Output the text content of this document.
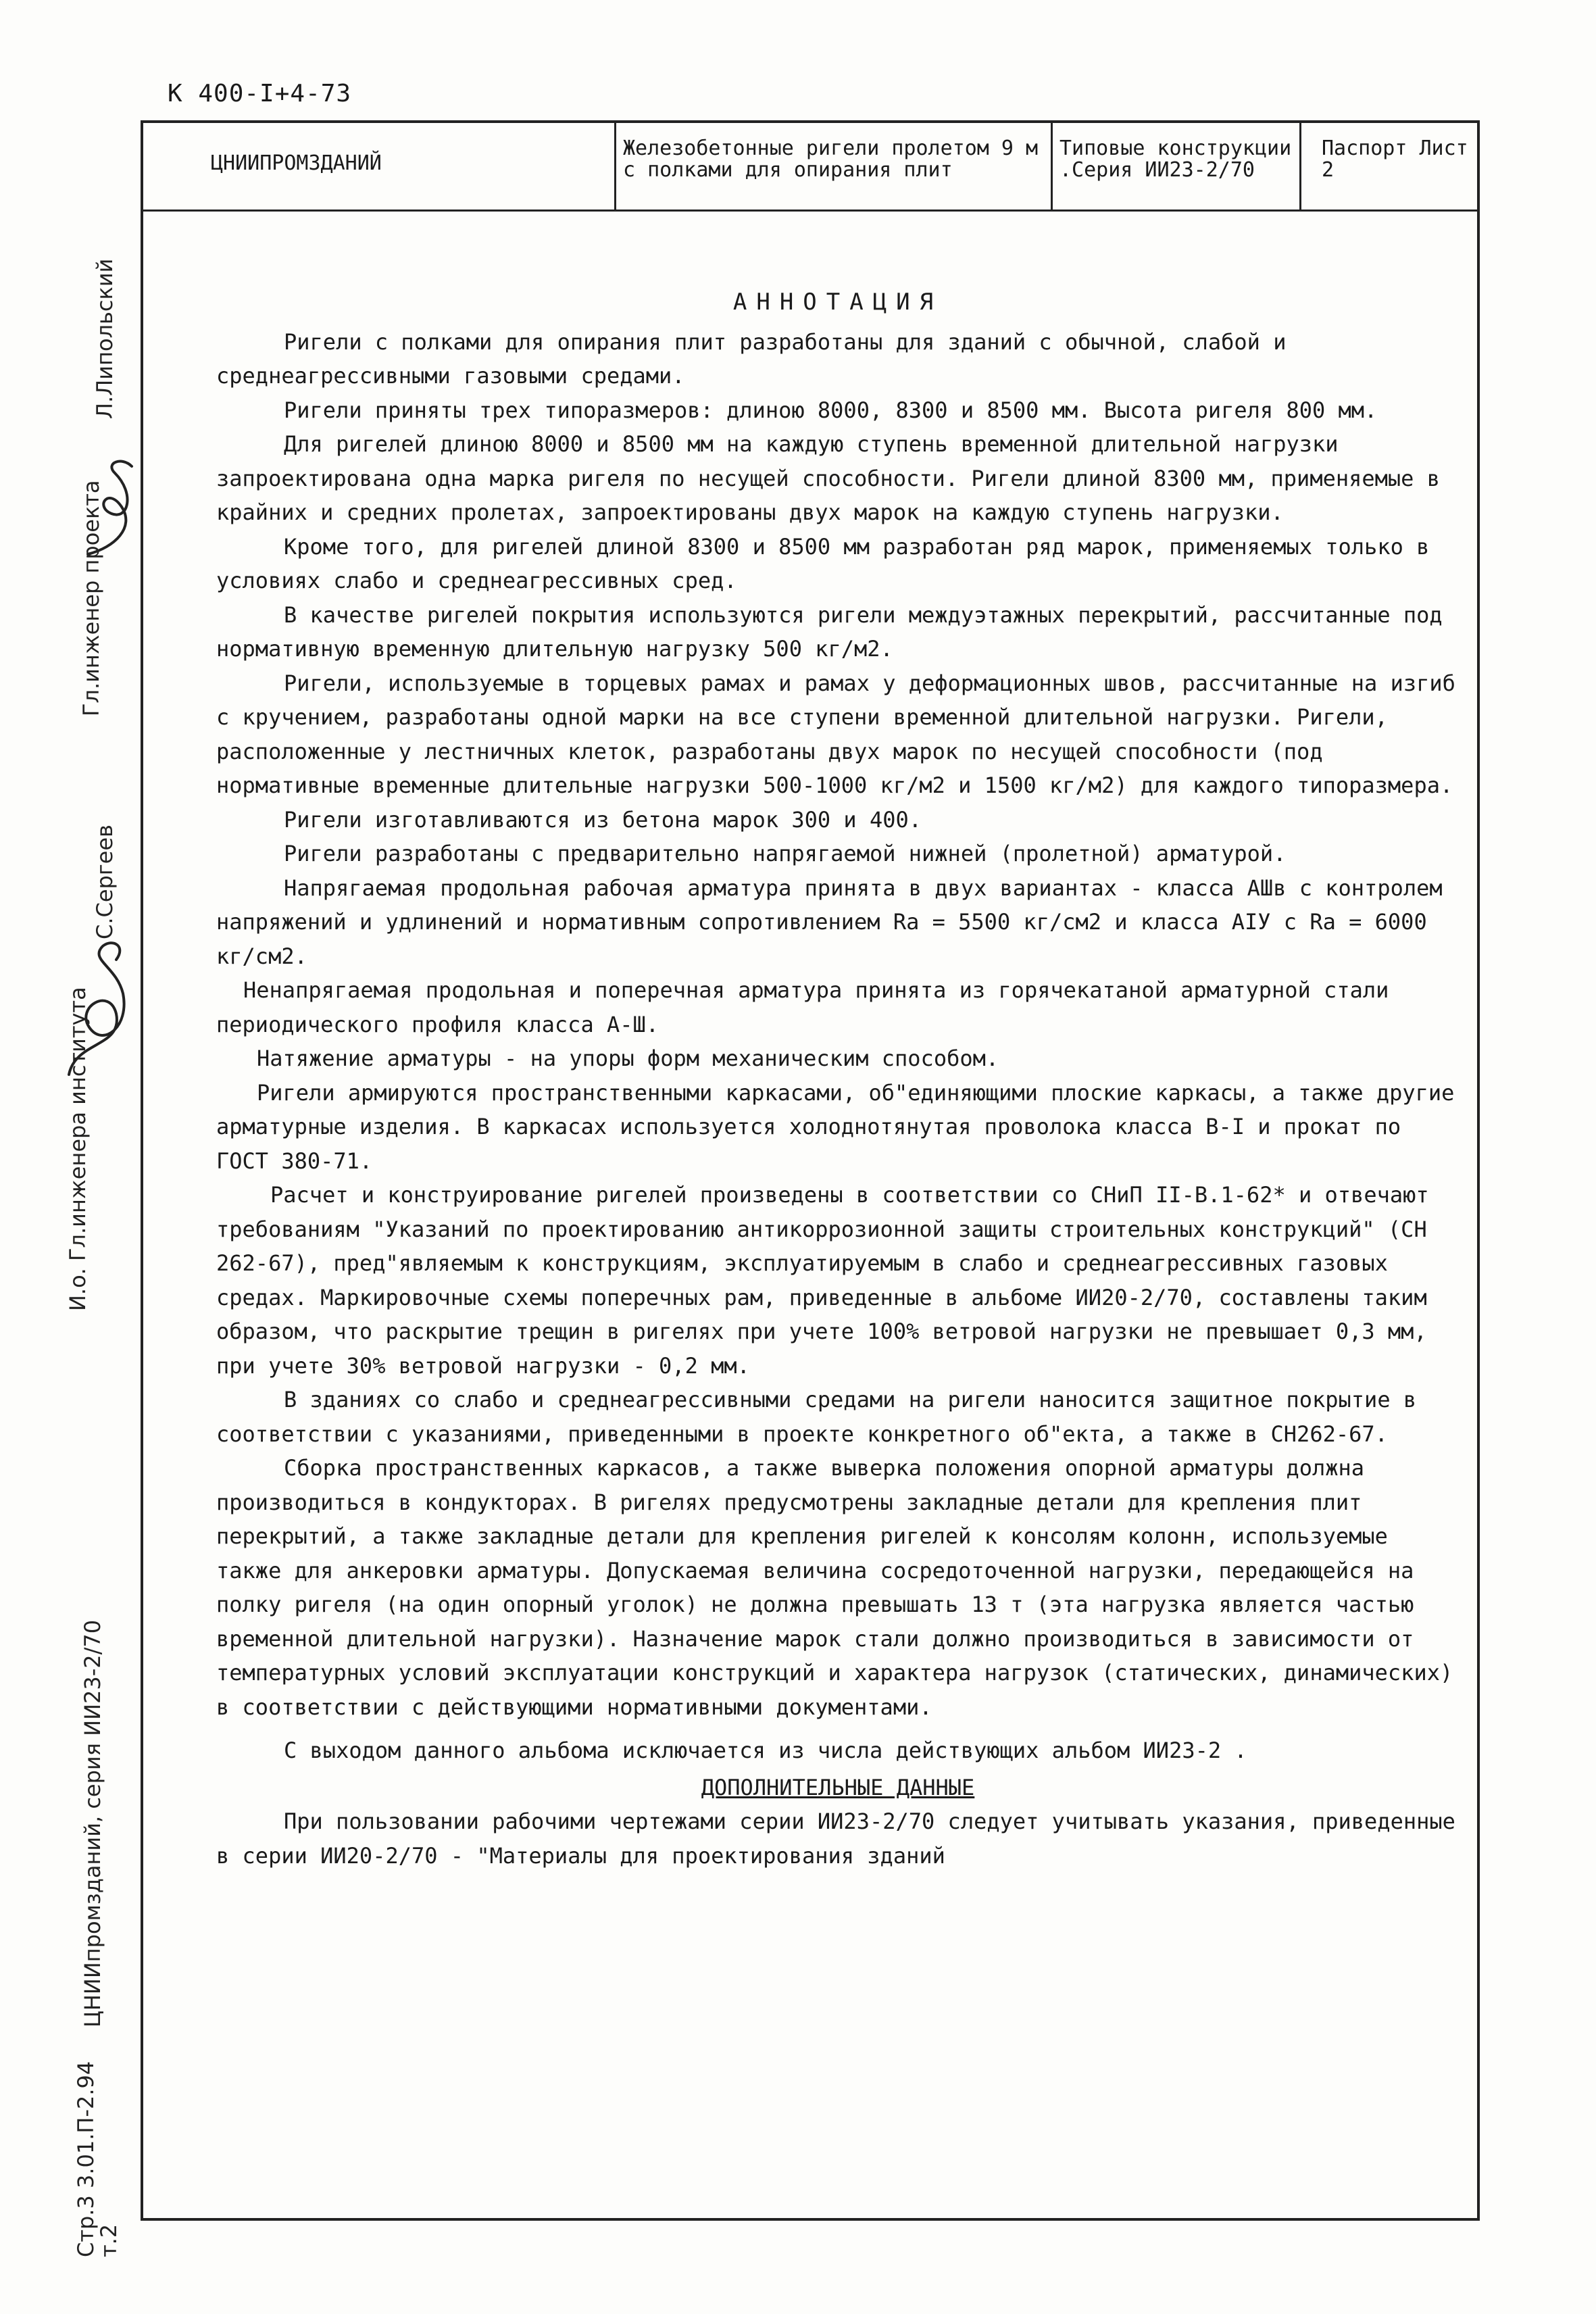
К 400-I+4-73
Л.Липольский
Гл.инженер проекта
С.Сергеев
И.о. Гл.инженера института
ЦНИИпромзданий, серия ИИ23-2/70
Стр.3 3.01.П-2.94 т.2
ЦНИИПРОМЗДАНИЙ
Железобетонные ригели пролетом 9 м с полками для опирания плит
Типовые конструкции .Серия ИИ23-2/70
Паспорт Лист 2

АННОТАЦИЯ

Ригели с полками для опирания плит разработаны для зданий с обычной, слабой и среднеагрессивными газовыми средами.

Ригели приняты трех типоразмеров: длиною 8000, 8300 и 8500 мм. Высота ригеля 800 мм.

Для ригелей длиною 8000 и 8500 мм на каждую ступень временной длительной нагрузки запроектирована одна марка ригеля по несущей способности. Ригели длиной 8300 мм, применяемые в крайних и средних пролетах, запроектированы двух марок на каждую ступень нагрузки.

Кроме того, для ригелей длиной 8300 и 8500 мм разработан ряд марок, применяемых только в условиях слабо и среднеагрессивных сред.

В качестве ригелей покрытия используются ригели междуэтажных перекрытий, рассчитанные под нормативную временную длительную нагрузку 500 кг/м2.

Ригели, используемые в торцевых рамах и рамах у деформационных швов, рассчитанные на изгиб с кручением, разработаны одной марки на все ступени временной длительной нагрузки. Ригели, расположенные у лестничных клеток, разработаны двух марок по несущей способности (под нормативные временные длительные нагрузки 500-1000 кг/м2 и 1500 кг/м2) для каждого типоразмера.

Ригели изготавливаются из бетона марок 300 и 400.

Ригели разработаны с предварительно напрягаемой нижней (пролетной) арматурой.

Напрягаемая продольная рабочая арматура принята в двух вариантах - класса АШв с контролем напряжений и удлинений и нормативным сопротивлением Rа = 5500 кг/см2 и класса АIУ с Rа = 6000 кг/см2.

Ненапрягаемая продольная и поперечная арматура принята из горячекатаной арматурной стали периодического профиля класса А-Ш.

Натяжение арматуры - на упоры форм механическим способом.

Ригели армируются пространственными каркасами, об"единяющими плоские каркасы, а также другие арматурные изделия. В каркасах используется холоднотянутая проволока класса В-I и прокат по ГОСТ 380-71.

Расчет и конструирование ригелей произведены в соответствии со СНиП II-В.1-62* и отвечают требованиям "Указаний по проектированию антикоррозионной защиты строительных конструкций" (СН 262-67), пред"являемым к конструкциям, эксплуатируемым в слабо и среднеагрессивных газовых средах. Маркировочные схемы поперечных рам, приведенные в альбоме ИИ20-2/70, составлены таким образом, что раскрытие трещин в ригелях при учете 100% ветровой нагрузки не превышает 0,3 мм, при учете 30% ветровой нагрузки - 0,2 мм.

В зданиях со слабо и среднеагрессивными средами на ригели наносится защитное покрытие в соответствии с указаниями, приведенными в проекте конкретного об"екта, а также в СН262-67.

Сборка пространственных каркасов, а также выверка положения опорной арматуры должна производиться в кондукторах. В ригелях предусмотрены закладные детали для крепления плит перекрытий, а также закладные детали для крепления ригелей к консолям колонн, используемые также для анкеровки арматуры. Допускаемая величина сосредоточенной нагрузки, передающейся на полку ригеля (на один опорный уголок) не должна превышать 13 т (эта нагрузка является частью временной длительной нагрузки). Назначение марок стали должно производиться в зависимости от температурных условий эксплуатации конструкций и характера нагрузок (статических, динамических) в соответствии с действующими нормативными документами.

С выходом данного альбома исключается из числа действующих альбом ИИ23-2 .

ДОПОЛНИТЕЛЬНЫЕ ДАННЫЕ

При пользовании рабочими чертежами серии ИИ23-2/70 следует учитывать указания, приведенные в серии ИИ20-2/70 - "Материалы для проектирования зданий
